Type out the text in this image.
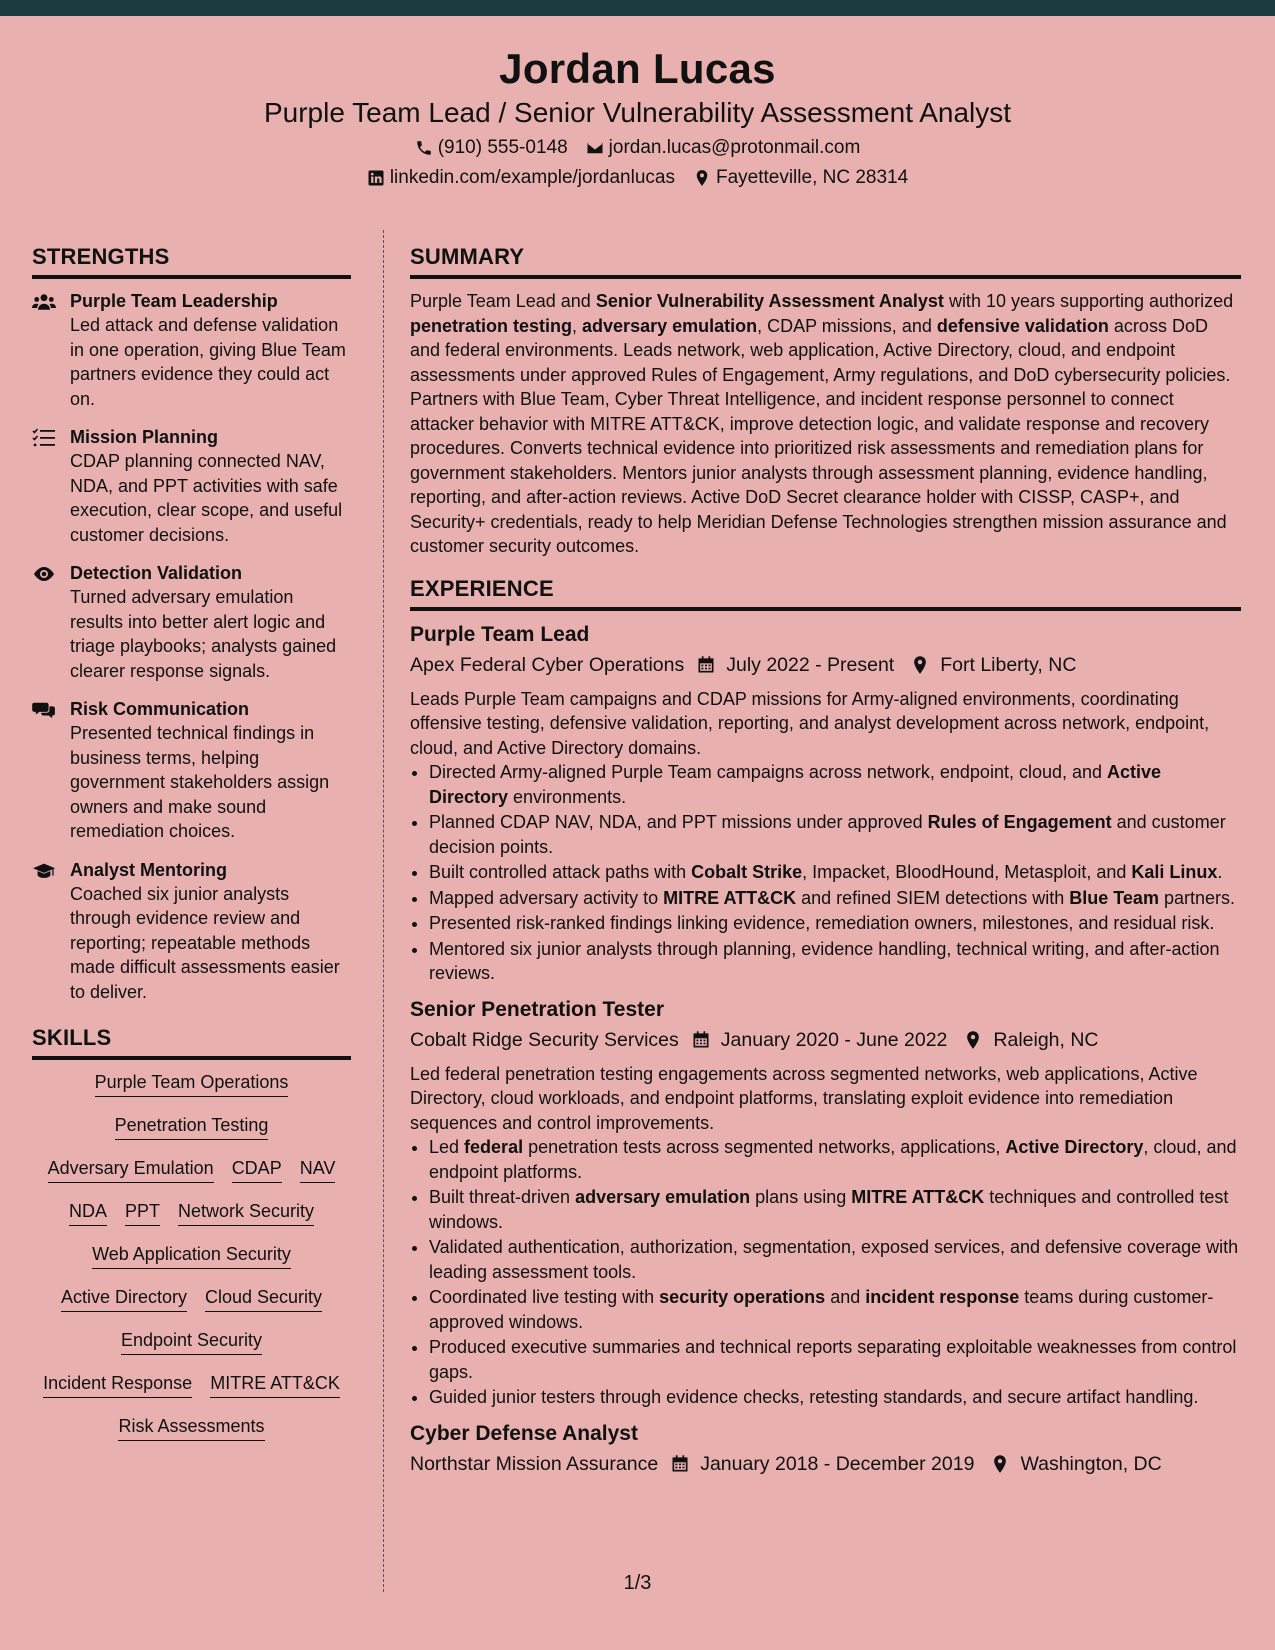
Jordan Lucas
Purple Team Lead / Senior Vulnerability Assessment Analyst
(910) 555-0148 jordan.lucas@protonmail.com
linkedin.com/example/jordanlucas Fayetteville, NC 28314
STRENGTHS
Purple Team Leadership
Led attack and defense validation in one operation, giving Blue Team partners evidence they could act on.
Mission Planning
CDAP planning connected NAV, NDA, and PPT activities with safe execution, clear scope, and useful customer decisions.
Detection Validation
Turned adversary emulation results into better alert logic and triage playbooks; analysts gained clearer response signals.
Risk Communication
Presented technical findings in business terms, helping government stakeholders assign owners and make sound remediation choices.
Analyst Mentoring
Coached six junior analysts through evidence review and reporting; repeatable methods made difficult assessments easier to deliver.
SKILLS
Purple Team Operations
Penetration Testing
Adversary Emulation CDAP NAV
NDA PPT Network Security
Web Application Security
Active Directory Cloud Security
Endpoint Security
Incident Response MITRE ATT&CK
Risk Assessments
SUMMARY
Purple Team Lead and Senior Vulnerability Assessment Analyst with 10 years supporting authorized penetration testing, adversary emulation, CDAP missions, and defensive validation across DoD and federal environments. Leads network, web application, Active Directory, cloud, and endpoint assessments under approved Rules of Engagement, Army regulations, and DoD cybersecurity policies. Partners with Blue Team, Cyber Threat Intelligence, and incident response personnel to connect attacker behavior with MITRE ATT&CK, improve detection logic, and validate response and recovery procedures. Converts technical evidence into prioritized risk assessments and remediation plans for government stakeholders. Mentors junior analysts through assessment planning, evidence handling, reporting, and after-action reviews. Active DoD Secret clearance holder with CISSP, CASP+, and Security+ credentials, ready to help Meridian Defense Technologies strengthen mission assurance and customer security outcomes.
EXPERIENCE
Purple Team Lead
Apex Federal Cyber Operations July 2022 - Present Fort Liberty, NC
Leads Purple Team campaigns and CDAP missions for Army-aligned environments, coordinating offensive testing, defensive validation, reporting, and analyst development across network, endpoint, cloud, and Active Directory domains.
• Directed Army-aligned Purple Team campaigns across network, endpoint, cloud, and Active Directory environments.
• Planned CDAP NAV, NDA, and PPT missions under approved Rules of Engagement and customer decision points.
• Built controlled attack paths with Cobalt Strike, Impacket, BloodHound, Metasploit, and Kali Linux.
• Mapped adversary activity to MITRE ATT&CK and refined SIEM detections with Blue Team partners.
• Presented risk-ranked findings linking evidence, remediation owners, milestones, and residual risk.
• Mentored six junior analysts through planning, evidence handling, technical writing, and after-action reviews.
Senior Penetration Tester
Cobalt Ridge Security Services January 2020 - June 2022 Raleigh, NC
Led federal penetration testing engagements across segmented networks, web applications, Active Directory, cloud workloads, and endpoint platforms, translating exploit evidence into remediation sequences and control improvements.
• Led federal penetration tests across segmented networks, applications, Active Directory, cloud, and endpoint platforms.
• Built threat-driven adversary emulation plans using MITRE ATT&CK techniques and controlled test windows.
• Validated authentication, authorization, segmentation, exposed services, and defensive coverage with leading assessment tools.
• Coordinated live testing with security operations and incident response teams during customer-approved windows.
• Produced executive summaries and technical reports separating exploitable weaknesses from control gaps.
• Guided junior testers through evidence checks, retesting standards, and secure artifact handling.
Cyber Defense Analyst
Northstar Mission Assurance January 2018 - December 2019 Washington, DC
1/3
